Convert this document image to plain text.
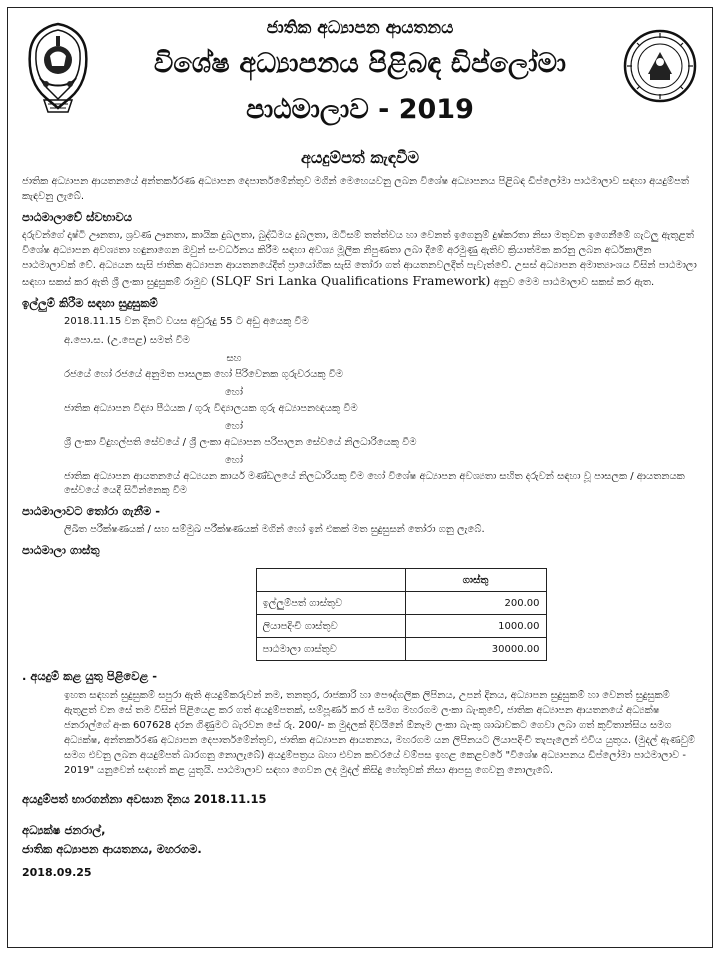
ජාතික අධ්‍යාපන ආයතනය
විශේෂ අධ්‍යාපනය පිළිබඳ ඩිප්ලෝමා
පාඨමාලාව - 2019
අයදුම්පත් කැඳවීම

ජාතික අධ්‍යාපන ආයතනයේ අන්තර්කරණ අධ්‍යාපන දෙපාර්තමේන්තුව මගින් මෙහෙයවනු ලබන විශේෂ අධ්‍යාපනය පිළිබඳ ඩිප්ලෝමා පාඨමාලාව සඳහා අයදුම්පත් කැඳවනු ලැබේ.

පාඨමාලාවේ ස්වභාවය

දරුවන්ගේ දෘෂ්ටි ඌනතා, ශ්‍රවණ ඌනතා, කායික දුබලතා, බුද්ධිමය දුබලතා, ඔටිසම් තත්ත්වය හා වෙනත් ඉගෙනුම් දුෂ්කරතා නිසා මතුවන ඉගෙනීමේ ගැටලු ඇතුළත් විශේෂ අධ්‍යාපන අවශ්‍යතා හඳුනාගෙන ඔවුන් සංවර්ධනය කිරීම සඳහා අවශ්‍ය මූලික නිපුණතා ලබා දීමේ අරමුණු ඇතිව ක්‍රියාත්මක කරනු ලබන අර්ධකාලීන පාඨමාලාවක් වේ. අධ්‍යයන සැසි ජාතික අධ්‍යාපන ආයතනයේදීත් ප්‍රායෝගික සැසි තෝරා ගත් ආයතනවලදීත් පැවැත්වේ. උසස් අධ්‍යාපන අමාත්‍යාංශය විසින් පාඨමාලා සඳහා සකස් කර ඇති ශ්‍රී ලංකා සුදුසුකම් රාමුව (SLQF Sri Lanka Qualifications Framework) අනුව මෙම පාඨමාලාව සකස් කර ඇත.

ඉල්ලුම් කිරීම සඳහා සුදුසුකම්

2018.11.15 වන දිනට වයස අවුරුදු 55 ට අඩු අයෙකු වීම

අ.පො.ස. (උ.පෙළ) සමත් වීම

සහ

රජයේ හෝ රජයේ අනුමත පාසලක හෝ පිරිවෙනක ගුරුවරයකු වීම

හෝ

ජාතික අධ්‍යාපන විද්‍යා පීඨයක / ගුරු විද්‍යාලයක ගුරු අධ්‍යාපනඥයකු වීම

හෝ

ශ්‍රී ලංකා විදුහල්පති සේවයේ / ශ්‍රී ලංකා අධ්‍යාපන පරිපාලන සේවයේ නිලධාරියෙකු වීම

හෝ

ජාතික අධ්‍යාපන ආයතනයේ අධ්‍යයන කාර්ය මණ්ඩලයේ නිලධාරියකු වීම හෝ විශේෂ අධ්‍යාපන අවශ්‍යතා සහිත දරුවන් සඳහා වූ පාසලක / ආයතනයක සේවයේ යෙදී සිටින්නෙකු වීම

පාඨමාලාවට තෝරා ගැනීම -

ලිඛිත පරීක්ෂණයක් / සහ සම්මුඛ පරීක්ෂණයක් මගින් හෝ ඉන් එකක් මත සුදුසුසන් තෝරා ගනු ලැබේ.

පාඨමාලා ගාස්තු
	ගාස්තු
ඉල්ලුම්පත් ගාස්තුව	200.00
ලියාපදිංචි ගාස්තුව	1000.00
පාඨමාලා ගාස්තුව	30000.00
. අයදුම් කළ යුතු පිළිවෙළ -

ඉහත සඳහන් සුදුසුකම් සපුරා ඇති අයදුම්කරුවන් නම, තනතුර, රාජකාරි හා පෞද්ගලික ලිපිනය, උපන් දිනය, අධ්‍යාපන සුදුසුකම් හා වෙනත් සුදුසුකම් ඇතුළත් වන සේ තම විසින් පිළියෙළ කර ගත් අයදුම්පතක්, සම්පූර්ණ කර ජ් සමග මහරගම ලංකා බැංකුවේ, ජාතික අධ්‍යාපන ආයතනයේ අධ්‍යක්ෂ ජනරාල්ගේ අංක 607628 දරන ගිණුමට බැරවන සේ රු. 200/- ක මුදලක් දිවයිනේ ඕනෑම ලංකා බැංකු ශාඛාවකට ගෙවා ලබා ගත් කුවිතාන්සිය සමග අධ්‍යක්ෂ, අන්තර්කරණ අධ්‍යාපන දෙපාර්තමේන්තුව, ජාතික අධ්‍යාපන ආයතනය, මහරගම යන ලිපිනයට ලියාපදිංචි තැපැලෙන් එවිය යුතුය. (මුදල් ඇණවුම් සමග එවනු ලබන අයදුම්පත් බාරගනු නොලැබේ) අයදුම්පත්‍රය බහා එවන කවරයේ වම්පස ඉහළ කෙළවරේ "විශේෂ අධ්‍යාපනය ඩිප්ලෝමා පාඨමාලාව - 2019" යනුවෙන් සඳහන් කළ යුතුයි. පාඨමාලාව සඳහා ගෙවන ලද මුදල් කිසිදු හේතුවක් නිසා ආපසු ගෙවනු නොලැබේ.

අයදුම්පත් භාරගන්නා අවසාන දිනය 2018.11.15
අධ්‍යක්ෂ ජනරාල්,
ජාතික අධ්‍යාපන ආයතනය, මහරගම.
2018.09.25
